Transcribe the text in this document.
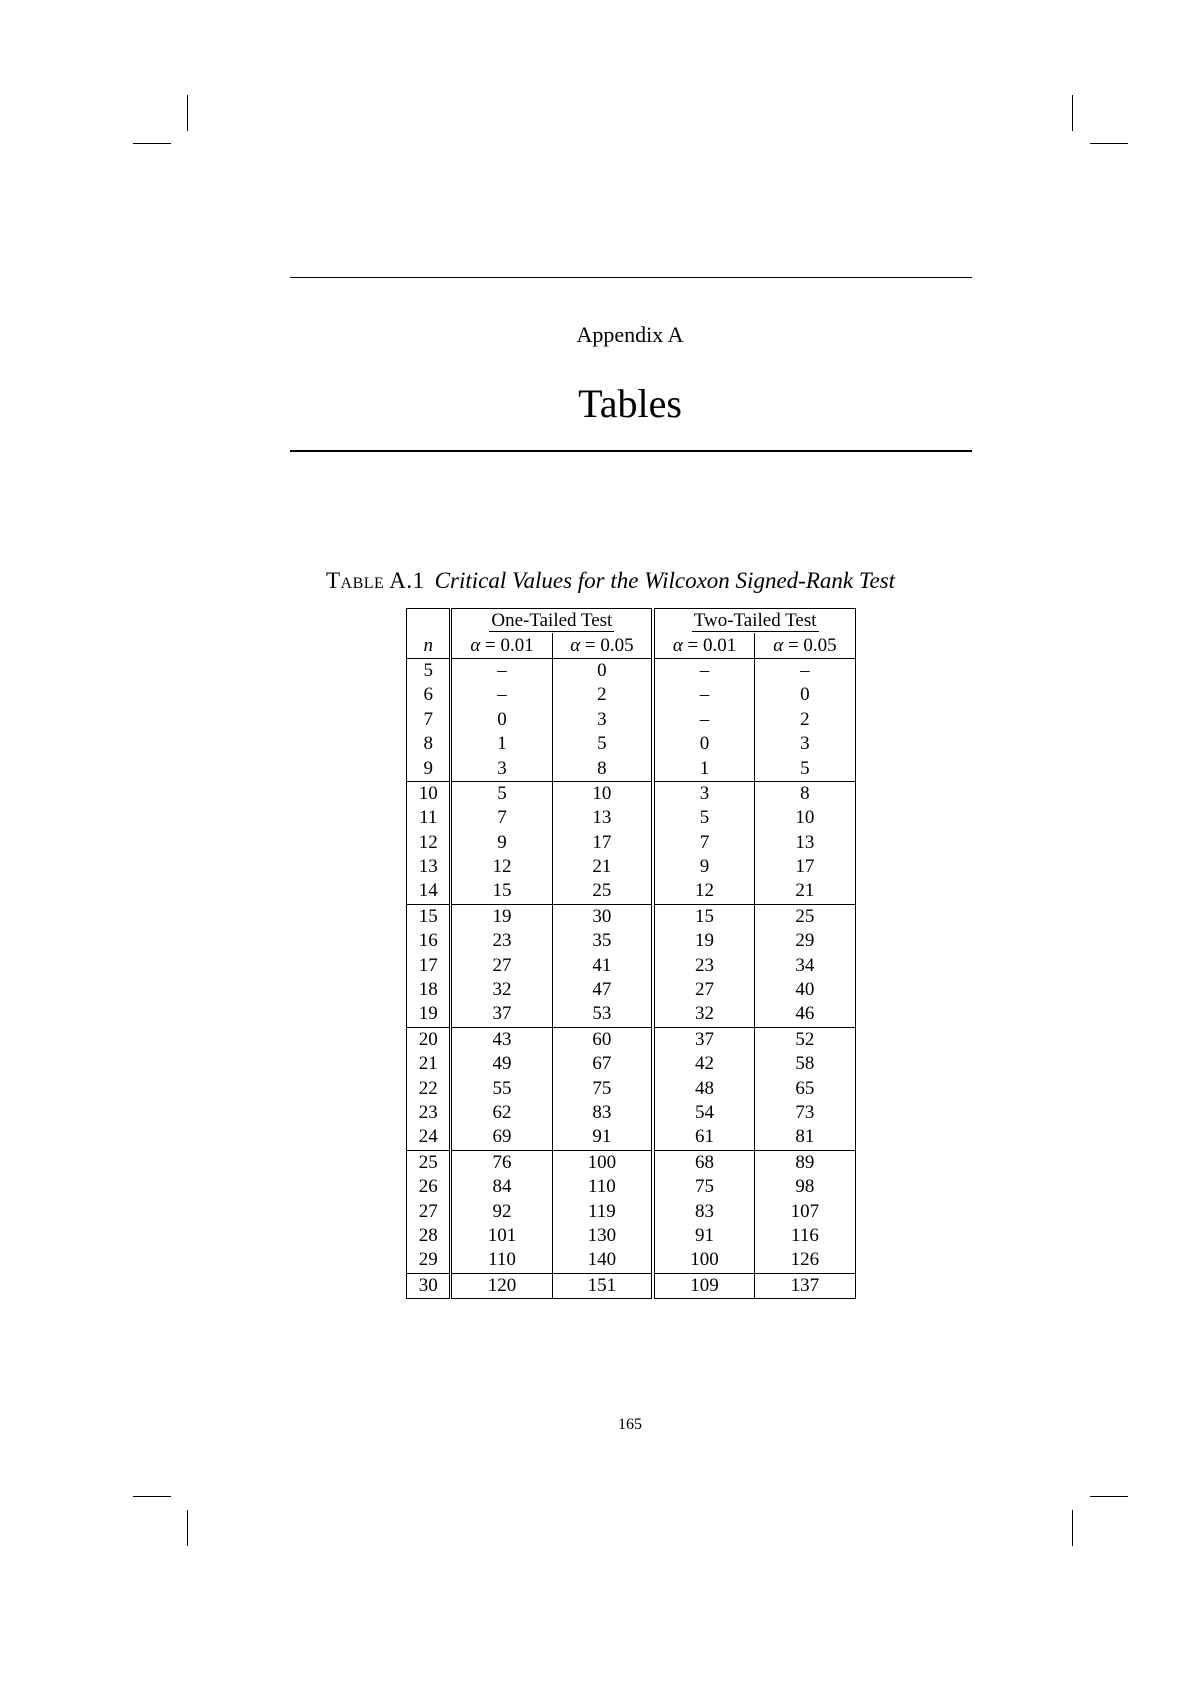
Appendix A
Tables
Table A.1 Critical Values for the Wilcoxon Signed-Rank Test
	One-Tailed Test		Two-Tailed Test	
n	α = 0.01	α = 0.05	α = 0.01	α = 0.05
5	–	0	–	–
6	–	2	–	0
7	0	3	–	2
8	1	5	0	3
9	3	8	1	5
10	5	10	3	8
11	7	13	5	10
12	9	17	7	13
13	12	21	9	17
14	15	25	12	21
15	19	30	15	25
16	23	35	19	29
17	27	41	23	34
18	32	47	27	40
19	37	53	32	46
20	43	60	37	52
21	49	67	42	58
22	55	75	48	65
23	62	83	54	73
24	69	91	61	81
25	76	100	68	89
26	84	110	75	98
27	92	119	83	107
28	101	130	91	116
29	110	140	100	126
30	120	151	109	137
165
